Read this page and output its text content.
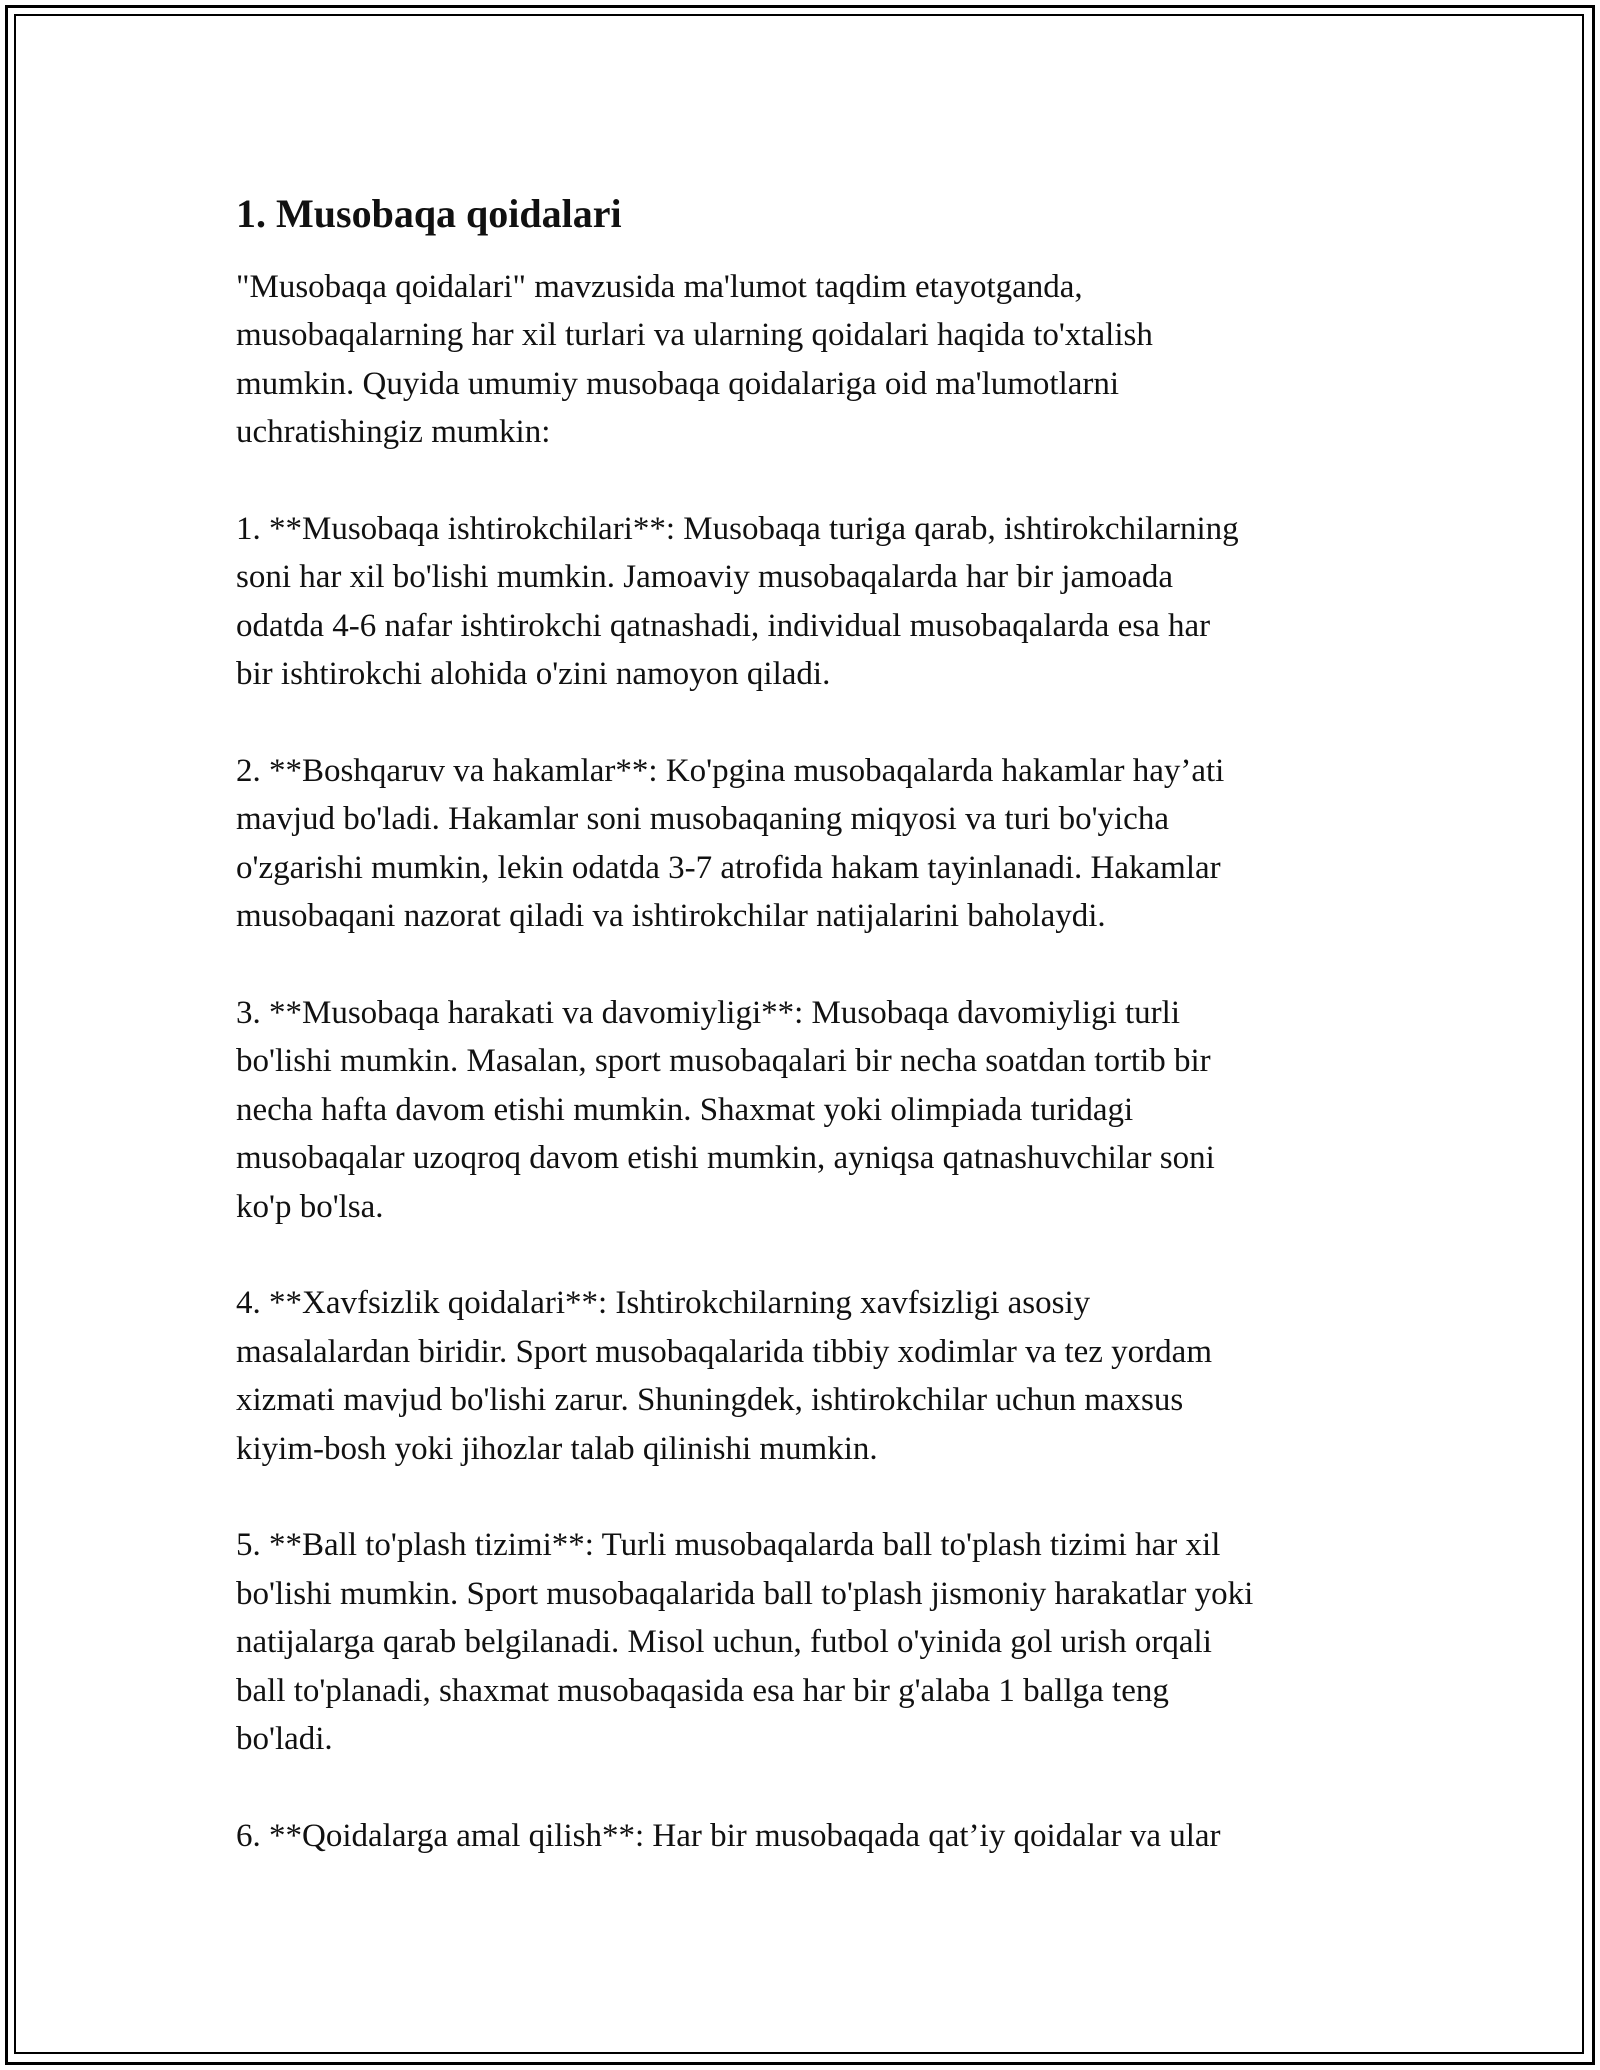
1. Musobaqa qoidalari

"Musobaqa qoidalari" mavzusida ma'lumot taqdim etayotganda,
musobaqalarning har xil turlari va ularning qoidalari haqida to'xtalish
mumkin. Quyida umumiy musobaqa qoidalariga oid ma'lumotlarni
uchratishingiz mumkin:

1. **Musobaqa ishtirokchilari**: Musobaqa turiga qarab, ishtirokchilarning
soni har xil bo'lishi mumkin. Jamoaviy musobaqalarda har bir jamoada
odatda 4-6 nafar ishtirokchi qatnashadi, individual musobaqalarda esa har
bir ishtirokchi alohida o'zini namoyon qiladi.

2. **Boshqaruv va hakamlar**: Ko'pgina musobaqalarda hakamlar hay’ati
mavjud bo'ladi. Hakamlar soni musobaqaning miqyosi va turi bo'yicha
o'zgarishi mumkin, lekin odatda 3-7 atrofida hakam tayinlanadi. Hakamlar
musobaqani nazorat qiladi va ishtirokchilar natijalarini baholaydi.

3. **Musobaqa harakati va davomiyligi**: Musobaqa davomiyligi turli
bo'lishi mumkin. Masalan, sport musobaqalari bir necha soatdan tortib bir
necha hafta davom etishi mumkin. Shaxmat yoki olimpiada turidagi
musobaqalar uzoqroq davom etishi mumkin, ayniqsa qatnashuvchilar soni
ko'p bo'lsa.

4. **Xavfsizlik qoidalari**: Ishtirokchilarning xavfsizligi asosiy
masalalardan biridir. Sport musobaqalarida tibbiy xodimlar va tez yordam
xizmati mavjud bo'lishi zarur. Shuningdek, ishtirokchilar uchun maxsus
kiyim-bosh yoki jihozlar talab qilinishi mumkin.

5. **Ball to'plash tizimi**: Turli musobaqalarda ball to'plash tizimi har xil
bo'lishi mumkin. Sport musobaqalarida ball to'plash jismoniy harakatlar yoki
natijalarga qarab belgilanadi. Misol uchun, futbol o'yinida gol urish orqali
ball to'planadi, shaxmat musobaqasida esa har bir g'alaba 1 ballga teng
bo'ladi.

6. **Qoidalarga amal qilish**: Har bir musobaqada qat’iy qoidalar va ular
